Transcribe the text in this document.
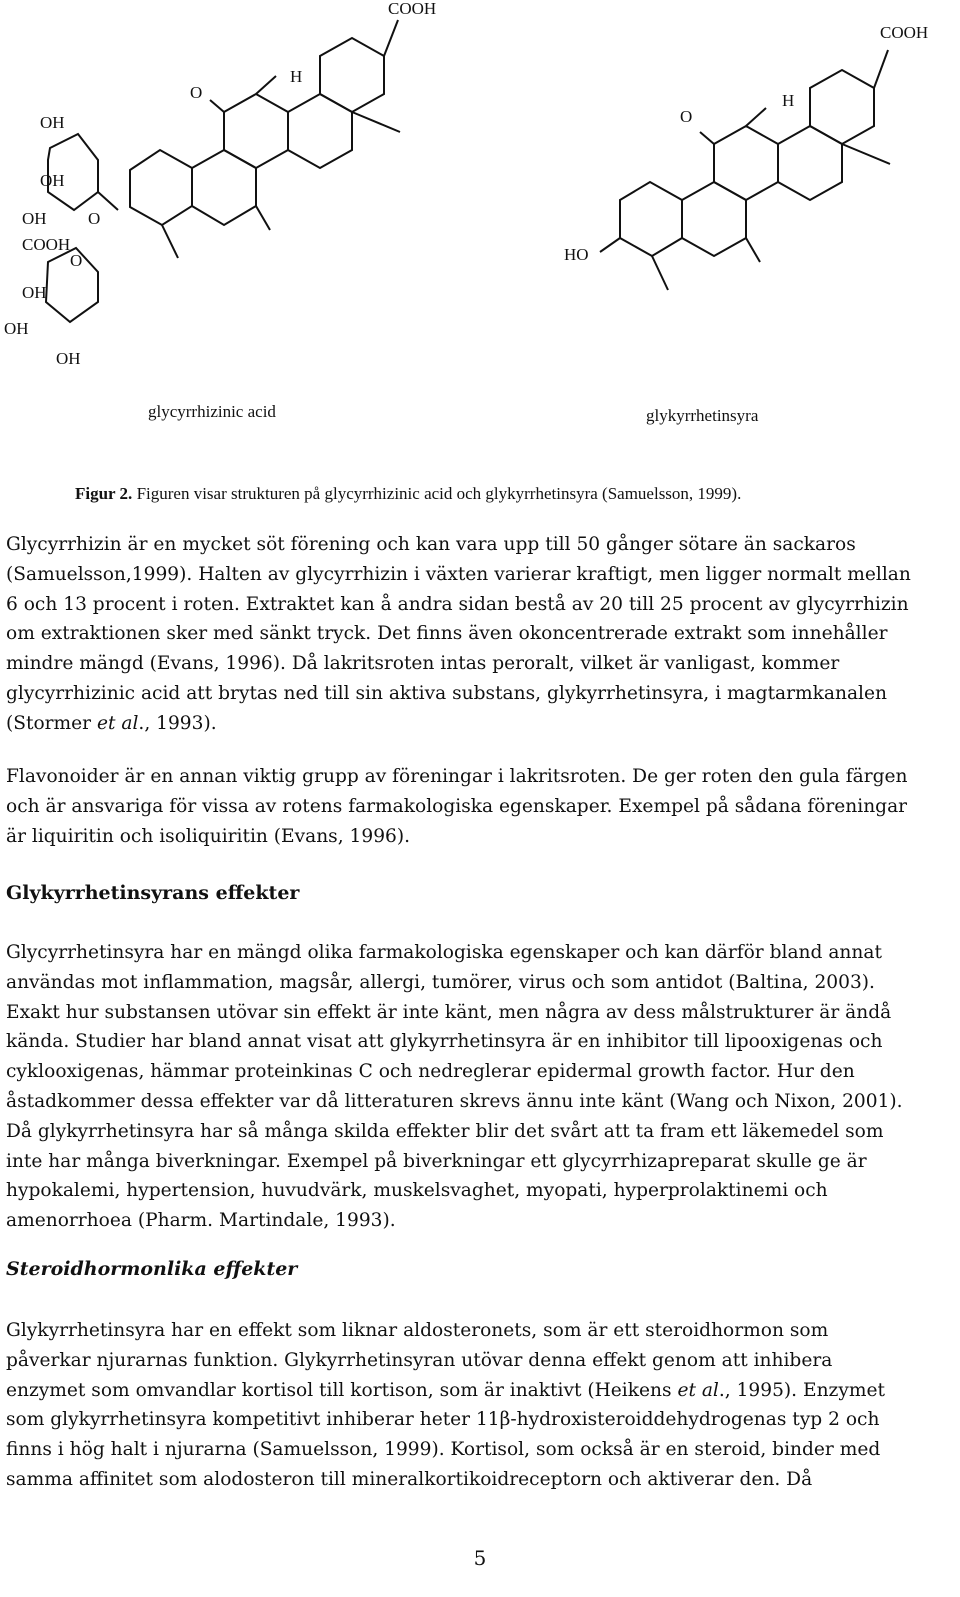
COOH
H
O
OH
OH
OH O
COOH
O
OH
OH
OH
COOH
H
O
HO
glycyrrhizinic acid	glykyrrhetinsyra
Figur 2. Figuren visar strukturen på glycyrrhizinic acid och glykyrrhetinsyra (Samuelsson, 1999).
Glycyrrhizin är en mycket söt förening och kan vara upp till 50 gånger sötare än sackaros
(Samuelsson,1999). Halten av glycyrrhizin i växten varierar kraftigt, men ligger normalt mellan
6 och 13 procent i roten. Extraktet kan å andra sidan bestå av 20 till 25 procent av glycyrrhizin
om extraktionen sker med sänkt tryck. Det finns även okoncentrerade extrakt som innehåller
mindre mängd (Evans, 1996). Då lakritsroten intas peroralt, vilket är vanligast, kommer
glycyrrhizinic acid att brytas ned till sin aktiva substans, glykyrrhetinsyra, i magtarmkanalen
(Stormer et al., 1993).
Flavonoider är en annan viktig grupp av föreningar i lakritsroten. De ger roten den gula färgen
och är ansvariga för vissa av rotens farmakologiska egenskaper. Exempel på sådana föreningar
är liquiritin och isoliquiritin (Evans, 1996).
Glykyrrhetinsyrans effekter
Glycyrrhetinsyra har en mängd olika farmakologiska egenskaper och kan därför bland annat
användas mot inflammation, magsår, allergi, tumörer, virus och som antidot (Baltina, 2003).
Exakt hur substansen utövar sin effekt är inte känt, men några av dess målstrukturer är ändå
kända. Studier har bland annat visat att glykyrrhetinsyra är en inhibitor till lipooxigenas och
cyklooxigenas, hämmar proteinkinas C och nedreglerar epidermal growth factor. Hur den
åstadkommer dessa effekter var då litteraturen skrevs ännu inte känt (Wang och Nixon, 2001).
Då glykyrrhetinsyra har så många skilda effekter blir det svårt att ta fram ett läkemedel som
inte har många biverkningar. Exempel på biverkningar ett glycyrrhizapreparat skulle ge är
hypokalemi, hypertension, huvudvärk, muskelsvaghet, myopati, hyperprolaktinemi och
amenorrhoea (Pharm. Martindale, 1993).
Steroidhormonlika effekter
Glykyrrhetinsyra har en effekt som liknar aldosteronets, som är ett steroidhormon som
påverkar njurarnas funktion. Glykyrrhetinsyran utövar denna effekt genom att inhibera
enzymet som omvandlar kortisol till kortison, som är inaktivt (Heikens et al., 1995). Enzymet
som glykyrrhetinsyra kompetitivt inhiberar heter 11β-hydroxisteroiddehydrogenas typ 2 och
finns i hög halt i njurarna (Samuelsson, 1999). Kortisol, som också är en steroid, binder med
samma affinitet som alodosteron till mineralkortikoidreceptorn och aktiverar den. Då
5
